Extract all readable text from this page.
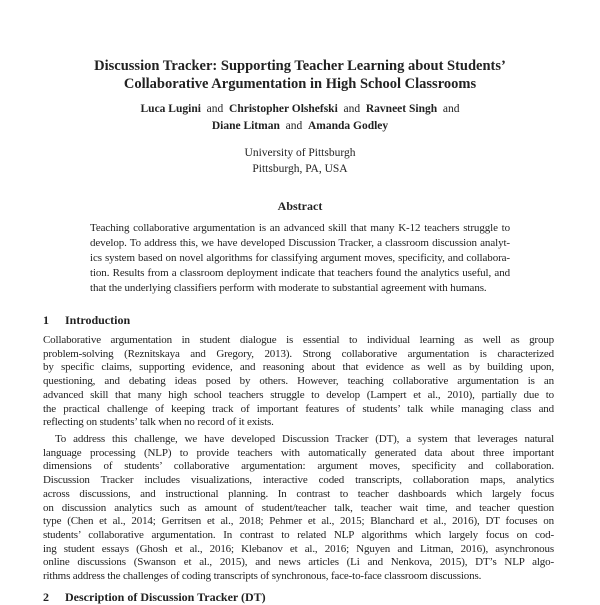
Discussion Tracker: Supporting Teacher Learning about Students’
Collaborative Argumentation in High School Classrooms
Luca Lugini and Christopher Olshefski and Ravneet Singh and
Diane Litman and Amanda Godley
University of Pittsburgh
Pittsburgh, PA, USA
Abstract
Teaching collaborative argumentation is an advanced skill that many K-12 teachers struggle to
develop. To address this, we have developed Discussion Tracker, a classroom discussion analyt-
ics system based on novel algorithms for classifying argument moves, specificity, and collabora-
tion. Results from a classroom deployment indicate that teachers found the analytics useful, and
that the underlying classifiers perform with moderate to substantial agreement with humans.
1 Introduction
Collaborative argumentation in student dialogue is essential to individual learning as well as group
problem-solving (Reznitskaya and Gregory, 2013). Strong collaborative argumentation is characterized
by specific claims, supporting evidence, and reasoning about that evidence as well as by building upon,
questioning, and debating ideas posed by others. However, teaching collaborative argumentation is an
advanced skill that many high school teachers struggle to develop (Lampert et al., 2010), partially due to
the practical challenge of keeping track of important features of students’ talk while managing class and
reflecting on students’ talk when no record of it exists.
To address this challenge, we have developed Discussion Tracker (DT), a system that leverages natural
language processing (NLP) to provide teachers with automatically generated data about three important
dimensions of students’ collaborative argumentation: argument moves, specificity and collaboration.
Discussion Tracker includes visualizations, interactive coded transcripts, collaboration maps, analytics
across discussions, and instructional planning. In contrast to teacher dashboards which largely focus
on discussion analytics such as amount of student/teacher talk, teacher wait time, and teacher question
type (Chen et al., 2014; Gerritsen et al., 2018; Pehmer et al., 2015; Blanchard et al., 2016), DT focuses on
students’ collaborative argumentation. In contrast to related NLP algorithms which largely focus on cod-
ing student essays (Ghosh et al., 2016; Klebanov et al., 2016; Nguyen and Litman, 2016), asynchronous
online discussions (Swanson et al., 2015), and news articles (Li and Nenkova, 2015), DT’s NLP algo-
rithms address the challenges of coding transcripts of synchronous, face-to-face classroom discussions.
2 Description of Discussion Tracker (DT)
